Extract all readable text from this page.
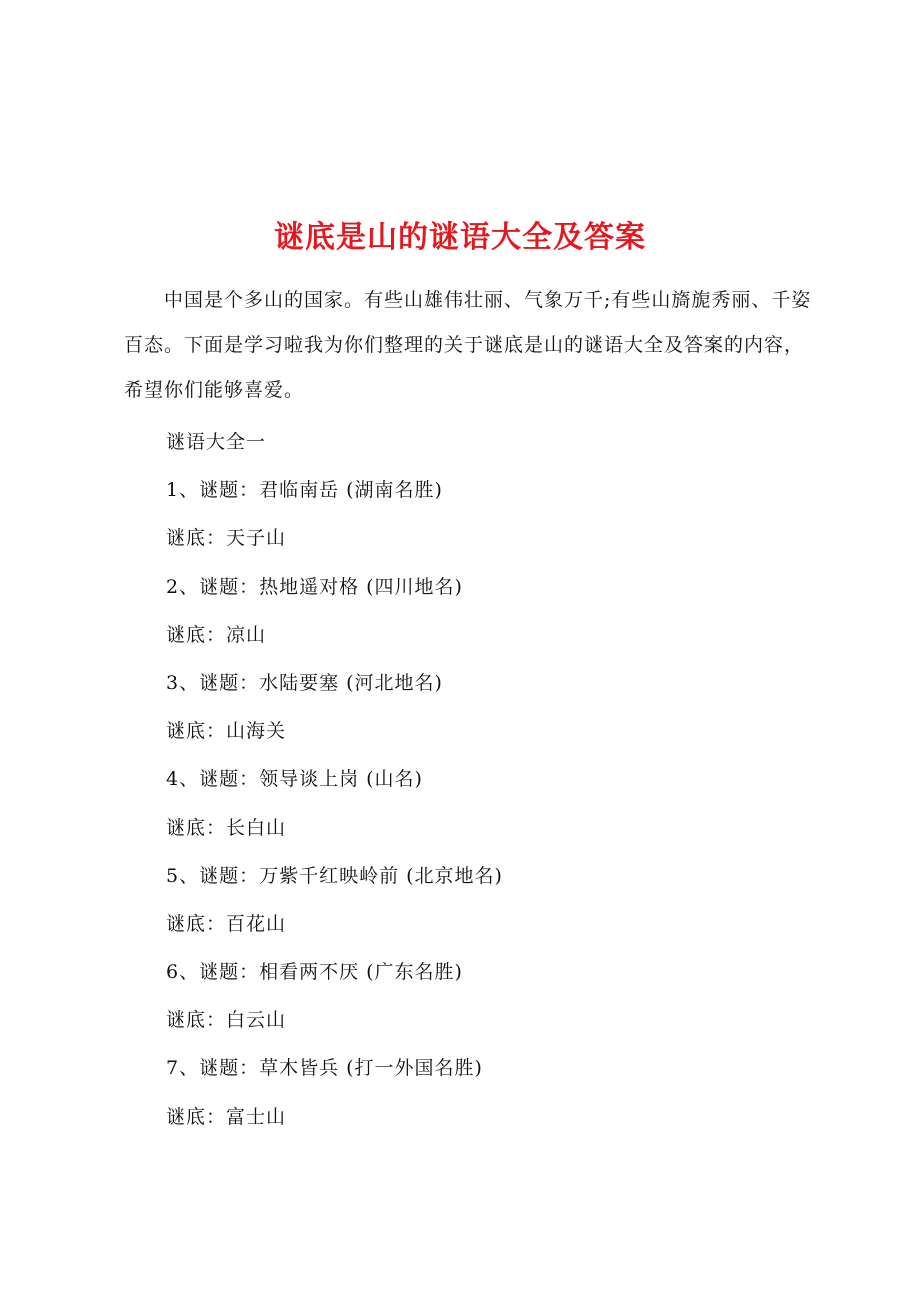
谜底是山的谜语大全及答案

中国是个多山的国家。有些山雄伟壮丽、气象万千;有些山旖旎秀丽、千姿百态。下面是学习啦我为你们整理的关于谜底是山的谜语大全及答案的内容，希望你们能够喜爱。

谜语大全一
1、谜题：君临南岳 (湖南名胜)
谜底：天子山
2、谜题：热地遥对格 (四川地名)
谜底：凉山
3、谜题：水陆要塞 (河北地名)
谜底：山海关
4、谜题：领导谈上岗 (山名)
谜底：长白山
5、谜题：万紫千红映岭前 (北京地名)
谜底：百花山
6、谜题：相看两不厌 (广东名胜)
谜底：白云山
7、谜题：草木皆兵 (打一外国名胜)
谜底：富士山
